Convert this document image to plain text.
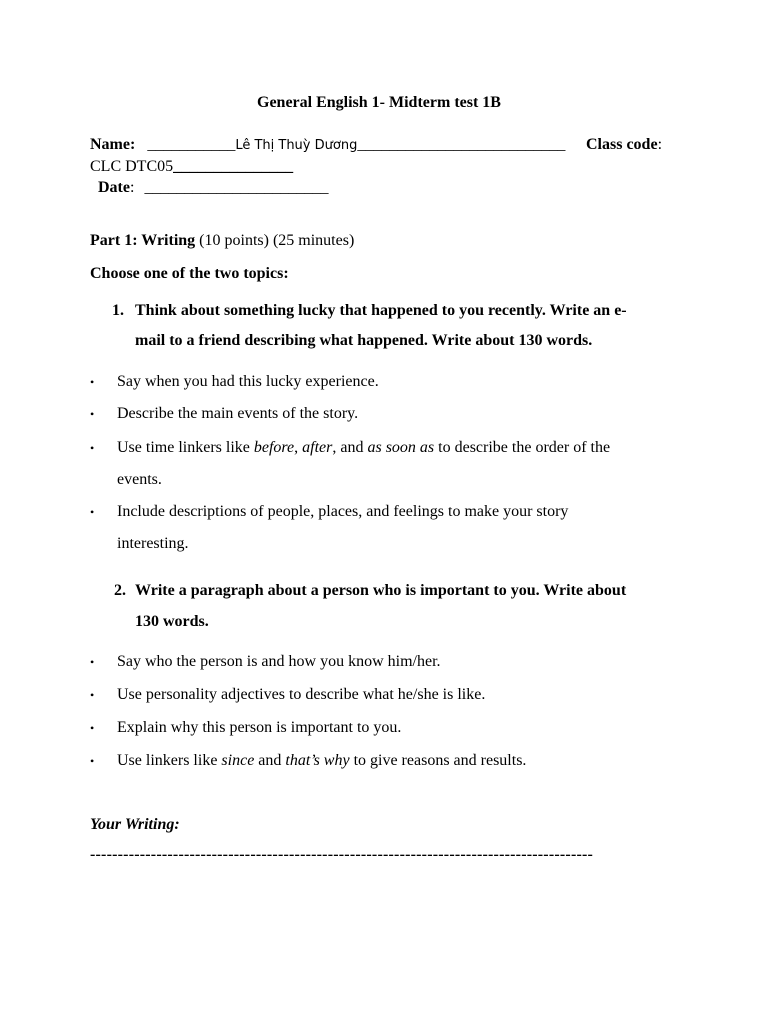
General English 1- Midterm test 1B
Name: ___________Lê Thị Thuỳ Dương__________________________ Class code:
CLC DTC05_______________
Date: _______________________
Part 1: Writing (10 points) (25 minutes)
Choose one of the two topics:
1. Think about something lucky that happened to you recently. Write an e-
mail to a friend describing what happened. Write about 130 words.
• Say when you had this lucky experience.
• Describe the main events of the story.
• Use time linkers like before, after, and as soon as to describe the order of the
events.
• Include descriptions of people, places, and feelings to make your story
interesting.
2. Write a paragraph about a person who is important to you. Write about
130 words.
• Say who the person is and how you know him/her.
• Use personality adjectives to describe what he/she is like.
• Explain why this person is important to you.
• Use linkers like since and that’s why to give reasons and results.
Your Writing:
-------------------------------------------------------------------------------------------
